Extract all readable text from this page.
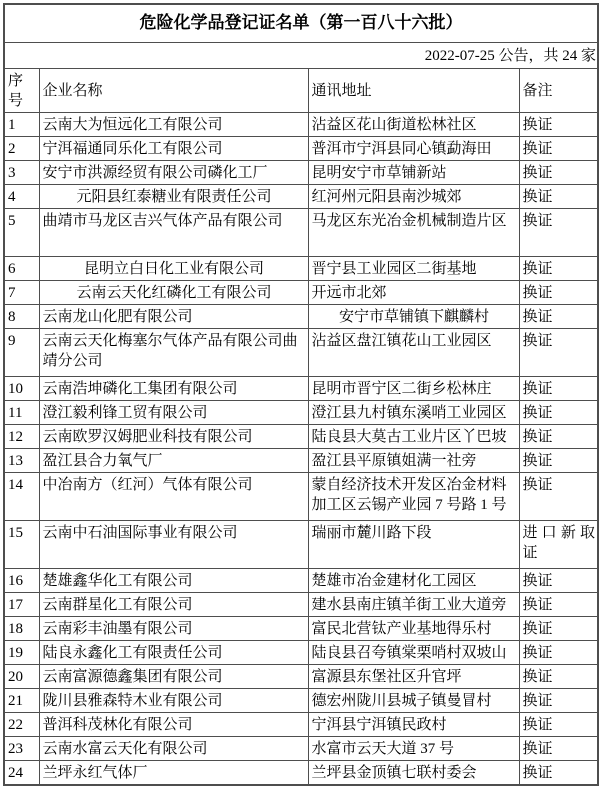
危险化学品登记证名单（第一百八十六批）			
2022-07-25 公告，共 24 家			
序号	企业名称	通讯地址	备注
1	云南大为恒远化工有限公司	沾益区花山街道松林社区	换证
2	宁洱福通同乐化工有限公司	普洱市宁洱县同心镇勐海田	换证
3	安宁市洪源经贸有限公司磷化工厂	昆明安宁市草铺新站	换证
4	元阳县红泰糖业有限责任公司	红河州元阳县南沙城郊	换证
5	曲靖市马龙区吉兴气体产品有限公司	马龙区东光冶金机械制造片区	换证
6	昆明立白日化工业有限公司	晋宁县工业园区二街基地	换证
7	云南云天化红磷化工有限公司	开远市北郊	换证
8	云南龙山化肥有限公司	安宁市草铺镇下麒麟村	换证
9	云南云天化梅塞尔气体产品有限公司曲靖分公司	沾益区盘江镇花山工业园区	换证
10	云南浩坤磷化工集团有限公司	昆明市晋宁区二街乡松林庄	换证
11	澄江毅利锋工贸有限公司	澄江县九村镇东溪哨工业园区	换证
12	云南欧罗汉姆肥业科技有限公司	陆良县大莫古工业片区丫巴坡	换证
13	盈江县合力氧气厂	盈江县平原镇姐满一社旁	换证
14	中冶南方（红河）气体有限公司	蒙自经济技术开发区冶金材料加工区云锡产业园 7 号路 1 号	换证
15	云南中石油国际事业有限公司	瑞丽市麓川路下段	进口新取证
16	楚雄鑫华化工有限公司	楚雄市冶金建材化工园区	换证
17	云南群星化工有限公司	建水县南庄镇羊街工业大道旁	换证
18	云南彩丰油墨有限公司	富民北营钛产业基地得乐村	换证
19	陆良永鑫化工有限责任公司	陆良县召夸镇棠栗哨村双坡山	换证
20	云南富源德鑫集团有限公司	富源县东堡社区升官坪	换证
21	陇川县雅森特木业有限公司	德宏州陇川县城子镇曼冒村	换证
22	普洱科茂林化有限公司	宁洱县宁洱镇民政村	换证
23	云南水富云天化有限公司	水富市云天大道 37 号	换证
24	兰坪永红气体厂	兰坪县金顶镇七联村委会	换证
